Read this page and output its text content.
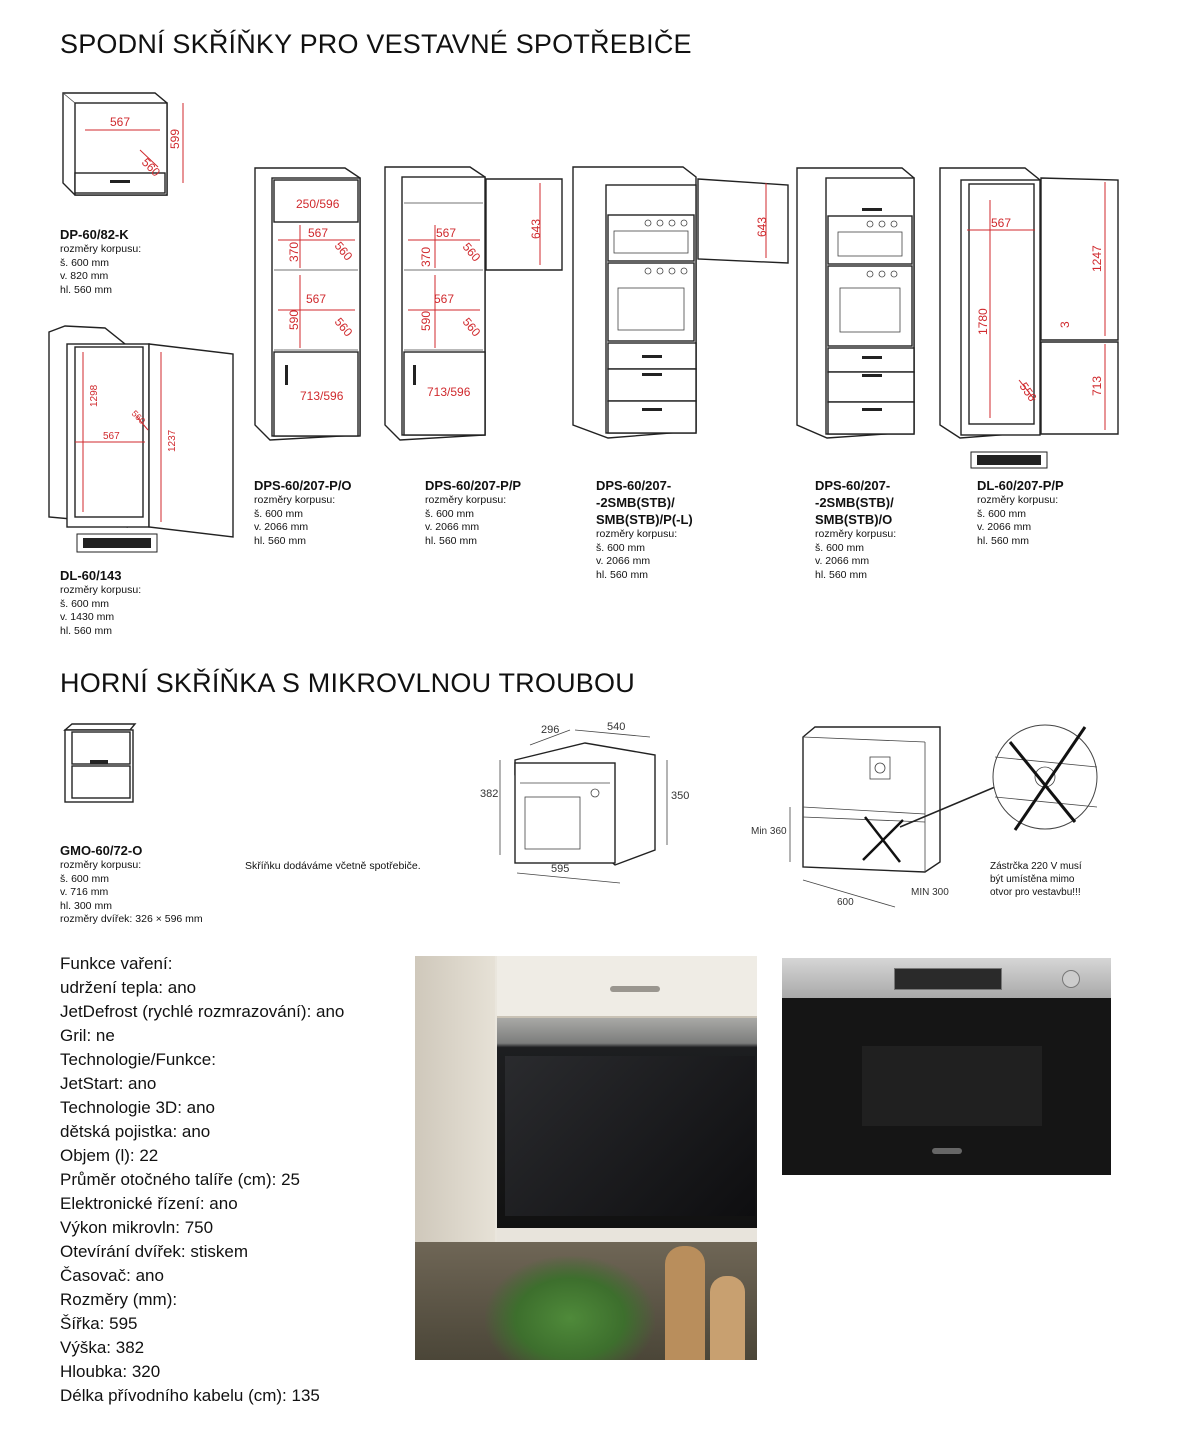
SPODNÍ SKŘÍŇKY PRO VESTAVNÉ SPOTŘEBIČE
567
599
560
DP-60/82-K
rozměry korpusu:
š. 600 mm
v. 820 mm
hl. 560 mm
1298
567
560
1237
DL-60/143
rozměry korpusu:
š. 600 mm
v. 1430 mm
hl. 560 mm
250/596
567
370	560
567
590	560
713/596
DPS-60/207-P/O
rozměry korpusu:
š. 600 mm
v. 2066 mm
hl. 560 mm
567
370 560
567
590 560
713/596
643
DPS-60/207-P/P
rozměry korpusu:
š. 600 mm
v. 2066 mm
hl. 560 mm
643
DPS-60/207-
-2SMB(STB)/
SMB(STB)/P(-L)
rozměry korpusu:
š. 600 mm
v. 2066 mm
hl. 560 mm
DPS-60/207-
-2SMB(STB)/
SMB(STB)/O
rozměry korpusu:
š. 600 mm
v. 2066 mm
hl. 560 mm
567
1780
556
1247
3
713
DL-60/207-P/P
rozměry korpusu:
š. 600 mm
v. 2066 mm
hl. 560 mm
HORNÍ SKŘÍŇKA S MIKROVLNOU TROUBOU
GMO-60/72-O
rozměry korpusu:
š. 600 mm
v. 716 mm
hl. 300 mm
rozměry dvířek: 326 × 596 mm
Skříňku dodáváme včetně spotřebiče.
296	540
382	350
595
Min 360
600
MIN 300
Zástrčka 220 V musí
být umístěna mimo
otvor pro vestavbu!!!
Funkce vaření:
udržení tepla: ano
JetDefrost (rychlé rozmrazování): ano
Gril: ne
Technologie/Funkce:
JetStart: ano
Technologie 3D: ano
dětská pojistka: ano
Objem (l): 22
Průměr otočného talíře (cm): 25
Elektronické řízení: ano
Výkon mikrovln: 750
Otevírání dvířek: stiskem
Časovač: ano
Rozměry (mm):
Šířka: 595
Výška: 382
Hloubka: 320
Délka přívodního kabelu (cm): 135
